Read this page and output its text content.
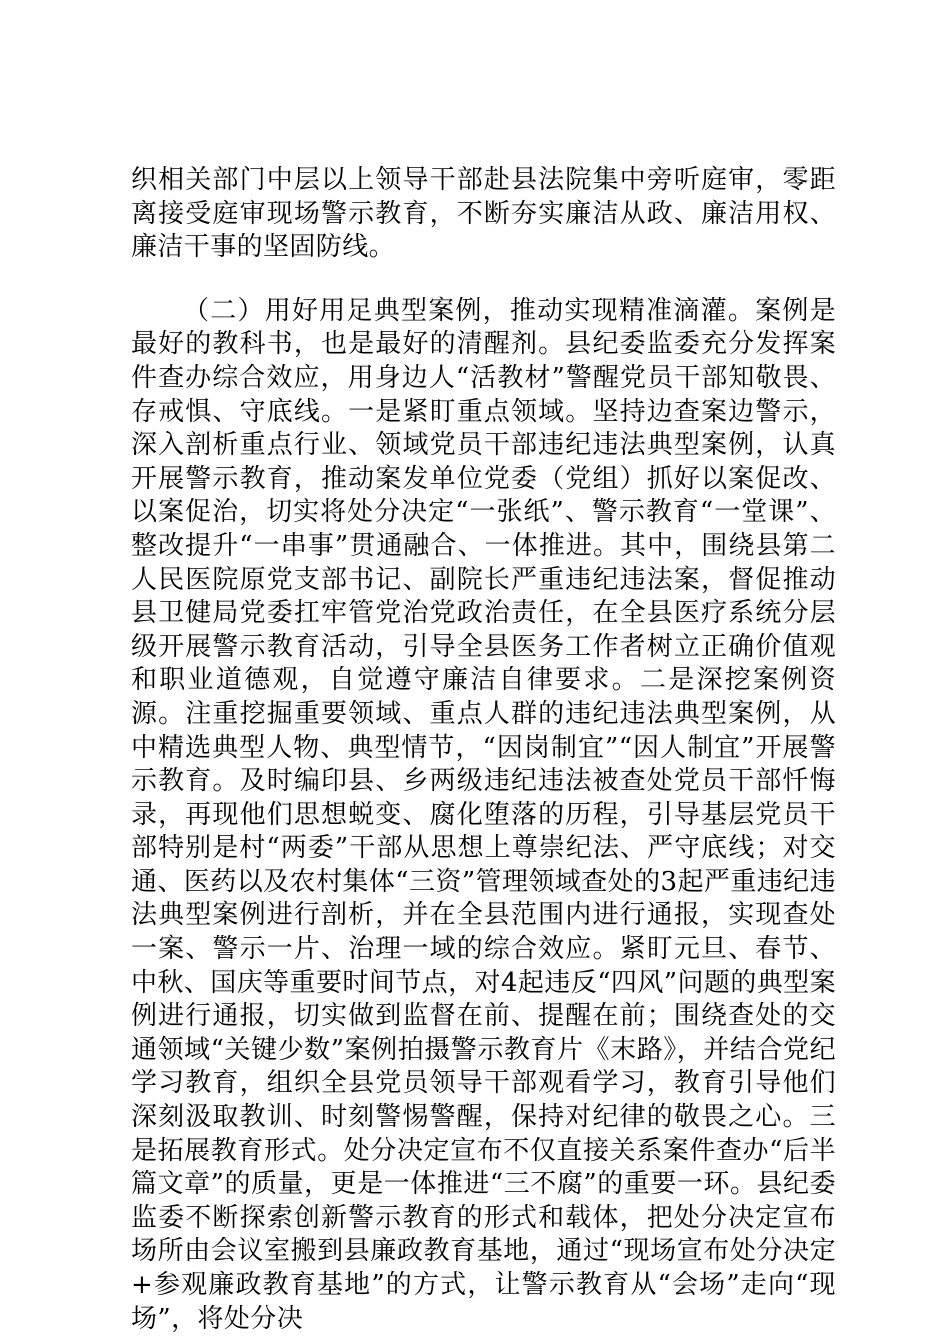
织相关部门中层以上领导干部赴县法院集中旁听庭审，零距离接受庭审现场警示教育，不断夯实廉洁从政、廉洁用权、廉洁干事的坚固防线。

（二）用好用足典型案例，推动实现精准滴灌。案例是最好的教科书，也是最好的清醒剂。县纪委监委充分发挥案件查办综合效应，用身边人“活教材”警醒党员干部知敬畏、存戒惧、守底线。一是紧盯重点领域。坚持边查案边警示，深入剖析重点行业、领域党员干部违纪违法典型案例，认真开展警示教育，推动案发单位党委（党组）抓好以案促改、以案促治，切实将处分决定“一张纸”、警示教育“一堂课”、整改提升“一串事”贯通融合、一体推进。其中，围绕县第二人民医院原党支部书记、副院长严重违纪违法案，督促推动县卫健局党委扛牢管党治党政治责任，在全县医疗系统分层级开展警示教育活动，引导全县医务工作者树立正确价值观和职业道德观，自觉遵守廉洁自律要求。二是深挖案例资源。注重挖掘重要领域、重点人群的违纪违法典型案例，从中精选典型人物、典型情节，“因岗制宜”“因人制宜”开展警示教育。及时编印县、乡两级违纪违法被查处党员干部忏悔录，再现他们思想蜕变、腐化堕落的历程，引导基层党员干部特别是村“两委”干部从思想上尊崇纪法、严守底线；对交通、医药以及农村集体“三资”管理领域查处的3起严重违纪违法典型案例进行剖析，并在全县范围内进行通报，实现查处一案、警示一片、治理一域的综合效应。紧盯元旦、春节、中秋、国庆等重要时间节点，对4起违反“四风”问题的典型案例进行通报，切实做到监督在前、提醒在前；围绕查处的交通领域“关键少数”案例拍摄警示教育片《末路》，并结合党纪学习教育，组织全县党员领导干部观看学习，教育引导他们深刻汲取教训、时刻警惕警醒，保持对纪律的敬畏之心。三是拓展教育形式。处分决定宣布不仅直接关系案件查办“后半篇文章”的质量，更是一体推进“三不腐”的重要一环。县纪委监委不断探索创新警示教育的形式和载体，把处分决定宣布场所由会议室搬到县廉政教育基地，通过“现场宣布处分决定+参观廉政教育基地”的方式，让警示教育从“会场”走向“现场”，将处分决
